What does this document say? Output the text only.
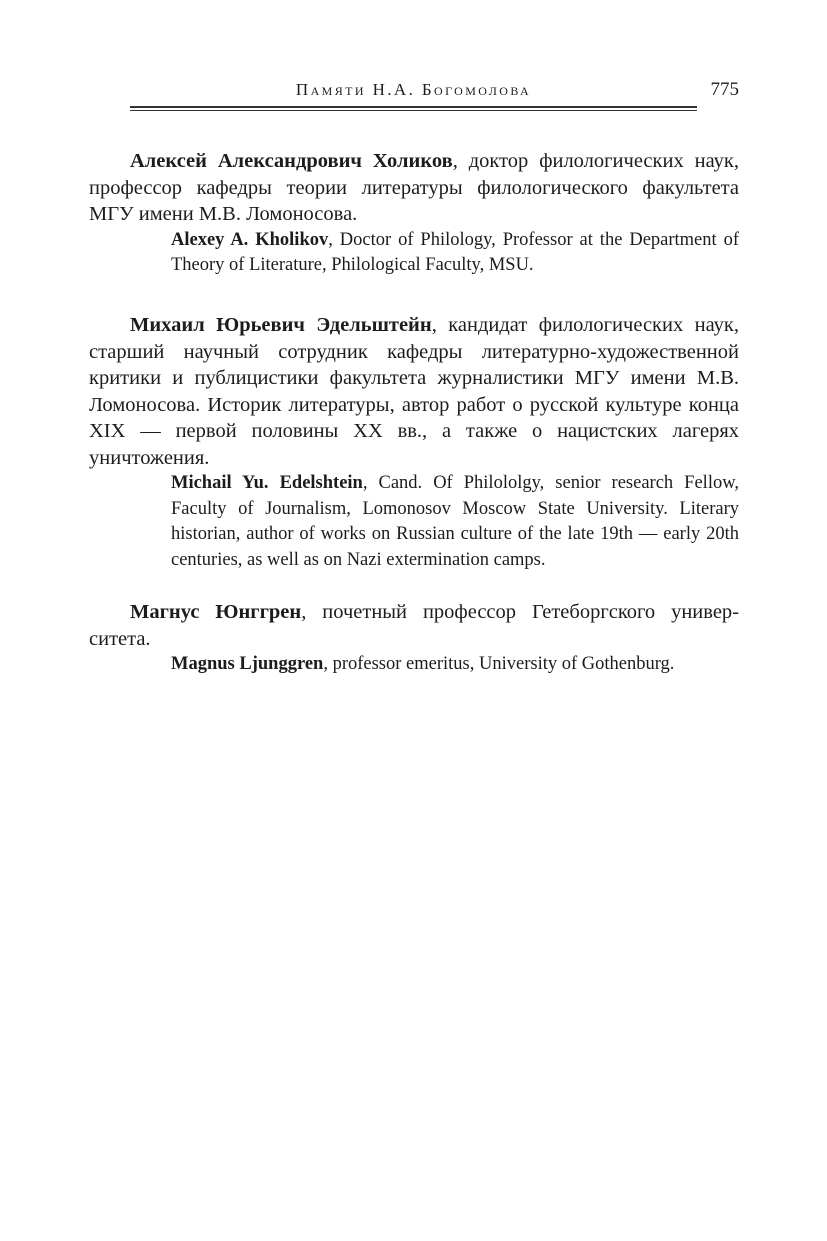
Памяти Н.А. Богомолова	775

Алексей Александрович Холиков, доктор филологических наук, профессор кафедры теории литературы филологического факультета МГУ имени М.В. Ломоносова.

Alexey A. Kholikov, Doctor of Philology, Professor at the Department of Theory of Literature, Philological Faculty, MSU.

Михаил Юрьевич Эдельштейн, кандидат филологических наук, старший научный сотрудник кафедры литературно-художественной критики и публицистики факультета журналистики МГУ имени М.В. Ломоносова. Историк литературы, автор работ о русской культуре конца XIX — первой половины XX вв., а также о нацистских лагерях уничтожения.

Michail Yu. Edelshtein, Cand. Of Philololgy, senior research Fellow, Faculty of Journalism, Lomonosov Moscow State University. Literary historian, author of works on Russian culture of the late 19th — early 20th centuries, as well as on Nazi extermination camps.

Магнус Юнггрен, почетный профессор Гетеборгского университета.

Magnus Ljunggren, professor emeritus, University of Gothenburg.
